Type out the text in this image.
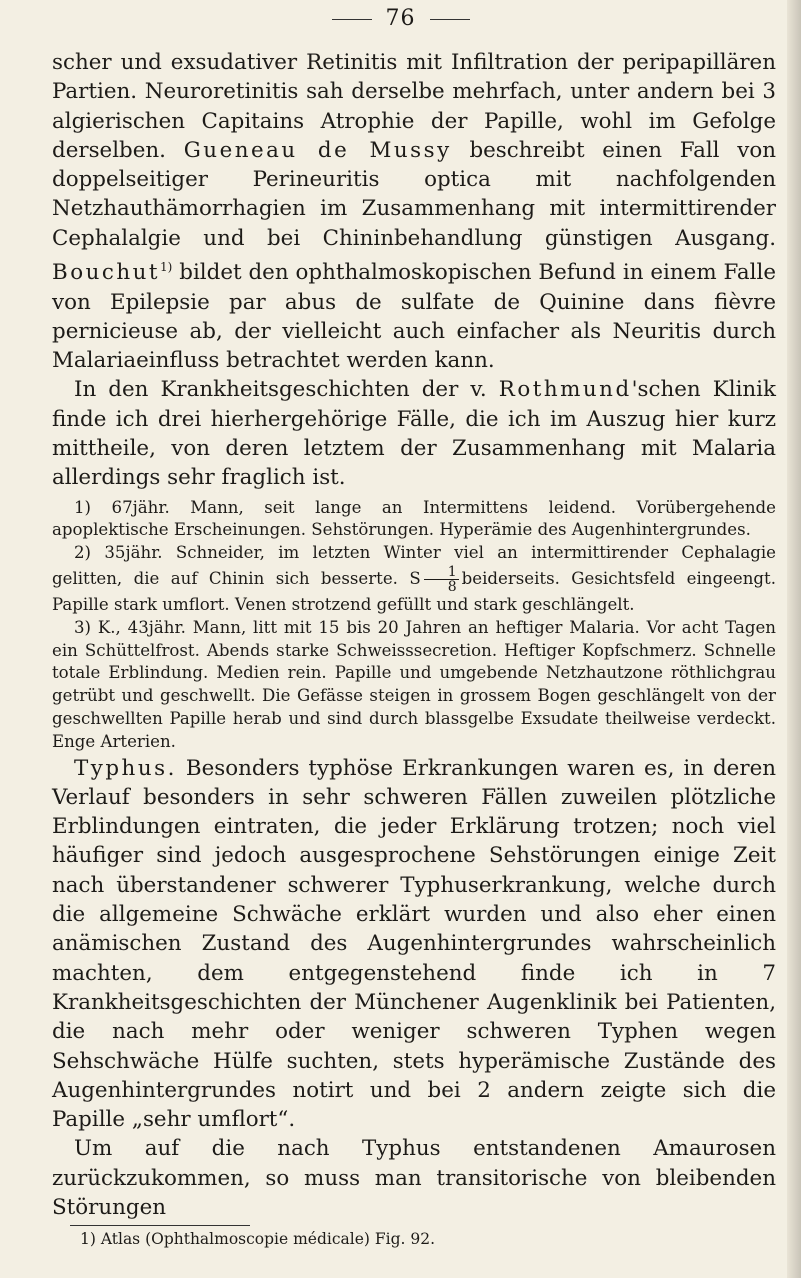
76

scher und exsudativer Retinitis mit Infiltration der peripapillären Partien. Neuroretinitis sah derselbe mehrfach, unter andern bei 3 algierischen Capitains Atrophie der Papille, wohl im Gefolge derselben. Gueneau de Mussy beschreibt einen Fall von doppelseitiger Perineuritis optica mit nachfolgenden Netzhauthämorrhagien im Zusammenhang mit intermittirender Cephalalgie und bei Chininbehandlung günstigen Ausgang. Bouchut$^{1)}$ bildet den ophthalmoskopischen Befund in einem Falle von Epilepsie par abus de sulfate de Quinine dans fièvre pernicieuse ab, der vielleicht auch einfacher als Neuritis durch Malariaeinfluss betrachtet werden kann.

In den Krankheitsgeschichten der v. Rothmund'schen Klinik finde ich drei hierhergehörige Fälle, die ich im Auszug hier kurz mittheile, von deren letztem der Zusammenhang mit Malaria allerdings sehr fraglich ist.

1) 67jähr. Mann, seit lange an Intermittens leidend. Vorübergehende apoplektische Erscheinungen. Sehstörungen. Hyperämie des Augenhintergrundes.

2) 35jähr. Schneider, im letzten Winter viel an intermittirender Cephalagie gelitten, die auf Chinin sich besserte. S $\frac{1}{8}$ beiderseits. Gesichtsfeld eingeengt. Papille stark umflort. Venen strotzend gefüllt und stark geschlängelt.

3) K., 43jähr. Mann, litt mit 15 bis 20 Jahren an heftiger Malaria. Vor acht Tagen ein Schüttelfrost. Abends starke Schweisssecretion. Heftiger Kopfschmerz. Schnelle totale Erblindung. Medien rein. Papille und umgebende Netzhautzone röthlichgrau getrübt und geschwellt. Die Gefässe steigen in grossem Bogen geschlängelt von der geschwellten Papille herab und sind durch blassgelbe Exsudate theilweise verdeckt. Enge Arterien.

Typhus. Besonders typhöse Erkrankungen waren es, in deren Verlauf besonders in sehr schweren Fällen zuweilen plötzliche Erblindungen eintraten, die jeder Erklärung trotzen; noch viel häufiger sind jedoch ausgesprochene Sehstörungen einige Zeit nach überstandener schwerer Typhuserkrankung, welche durch die allgemeine Schwäche erklärt wurden und also eher einen anämischen Zustand des Augenhintergrundes wahrscheinlich machten, dem entgegenstehend finde ich in 7 Krankheitsgeschichten der Münchener Augenklinik bei Patienten, die nach mehr oder weniger schweren Typhen wegen Sehschwäche Hülfe suchten, stets hyperämische Zustände des Augenhintergrundes notirt und bei 2 andern zeigte sich die Papille „sehr umflort“.

Um auf die nach Typhus entstandenen Amaurosen zurückzukommen, so muss man transitorische von bleibenden Störungen

1) Atlas (Ophthalmoscopie médicale) Fig. 92.
